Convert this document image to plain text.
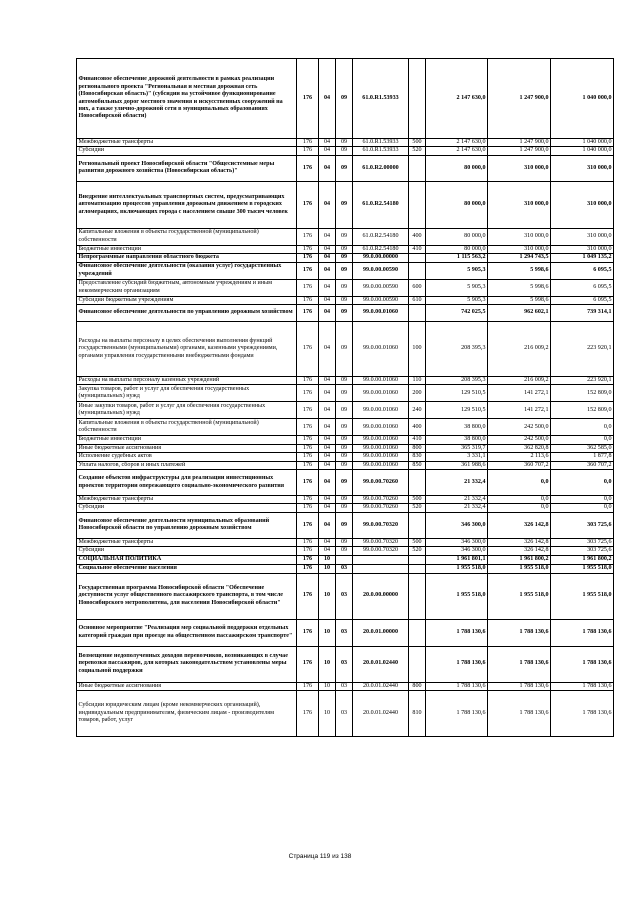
Финансовое обеспечение дорожной деятельности в рамках реализации регионального проекта "Региональная и местная дорожная сеть (Новосибирская область)" (субсидии на устойчивое функционирование автомобильных дорог местного значения и искусственных сооружений на них, а также улично-дорожной сети в муниципальных образованиях Новосибирской области)	176	04	09	61.0.R1.53933		2 147 630,0	1 247 900,0	1 040 000,0
Межбюджетные трансферты	176	04	09	61.0.R1.53933	500	2 147 630,0	1 247 900,0	1 040 000,0
Субсидии	176	04	09	61.0.R1.53933	520	2 147 630,0	1 247 900,0	1 040 000,0
Региональный проект Новосибирской области "Общесистемные меры развития дорожного хозяйства (Новосибирская область)"	176	04	09	61.0.R2.00000		80 000,0	310 000,0	310 000,0
Внедрение интеллектуальных транспортных систем, предусматривающих автоматизацию процессов управления дорожным движением в городских агломерациях, включающих города с населением свыше 300 тысяч человек	176	04	09	61.0.R2.54180		80 000,0	310 000,0	310 000,0
Капитальные вложения в объекты государственной (муниципальной) собственности	176	04	09	61.0.R2.54180	400	80 000,0	310 000,0	310 000,0
Бюджетные инвестиции	176	04	09	61.0.R2.54180	410	80 000,0	310 000,0	310 000,0
Непрограммные направления областного бюджета	176	04	09	99.0.00.00000		1 115 563,2	1 294 743,5	1 049 135,2
Финансовое обеспечение деятельности (оказания услуг) государственных учреждений	176	04	09	99.0.00.00590		5 905,3	5 998,6	6 095,5
Предоставление субсидий бюджетным, автономным учреждениям и иным некоммерческим организациям	176	04	09	99.0.00.00590	600	5 905,3	5 998,6	6 095,5
Субсидии бюджетным учреждениям	176	04	09	99.0.00.00590	610	5 905,3	5 998,6	6 095,5
Финансовое обеспечение деятельности по управлению дорожным хозяйством	176	04	09	99.0.00.01060		742 025,5	962 602,1	739 314,1
Расходы на выплаты персоналу в целях обеспечения выполнения функций государственными (муниципальными) органами, казенными учреждениями, органами управления государственными внебюджетными фондами	176	04	09	99.0.00.01060	100	208 395,3	216 009,2	223 920,1
Расходы на выплаты персоналу казенных учреждений	176	04	09	99.0.00.01060	110	208 395,3	216 009,2	223 920,1
Закупка товаров, работ и услуг для обеспечения государственных (муниципальных) нужд	176	04	09	99.0.00.01060	200	129 510,5	141 272,1	152 809,0
Иные закупки товаров, работ и услуг для обеспечения государственных (муниципальных) нужд	176	04	09	99.0.00.01060	240	129 510,5	141 272,1	152 809,0
Капитальные вложения в объекты государственной (муниципальной) собственности	176	04	09	99.0.00.01060	400	38 800,0	242 500,0	0,0
Бюджетные инвестиции	176	04	09	99.0.00.01060	410	38 800,0	242 500,0	0,0
Иные бюджетные ассигнования	176	04	09	99.0.00.01060	800	365 319,7	362 820,8	362 585,0
Исполнение судебных актов	176	04	09	99.0.00.01060	830	3 331,1	2 113,6	1 877,8
Уплата налогов, сборов и иных платежей	176	04	09	99.0.00.01060	850	361 988,6	360 707,2	360 707,2
Создание объектов инфраструктуры для реализации инвестиционных проектов территории опережающего социально-экономического развития	176	04	09	99.0.00.70260		21 332,4	0,0	0,0
Межбюджетные трансферты	176	04	09	99.0.00.70260	500	21 332,4	0,0	0,0
Субсидии	176	04	09	99.0.00.70260	520	21 332,4	0,0	0,0
Финансовое обеспечение деятельности муниципальных образований Новосибирской области по управлению дорожным хозяйством	176	04	09	99.0.00.70320		346 300,0	326 142,8	303 725,6
Межбюджетные трансферты	176	04	09	99.0.00.70320	500	346 300,0	326 142,8	303 725,6
Субсидии	176	04	09	99.0.00.70320	520	346 300,0	326 142,8	303 725,6
СОЦИАЛЬНАЯ ПОЛИТИКА	176	10				1 961 801,1	1 961 800,2	1 961 800,2
Социальное обеспечение населения	176	10	03			1 955 518,0	1 955 518,0	1 955 518,0
Государственная программа Новосибирской области "Обеспечение доступности услуг общественного пассажирского транспорта, в том числе Новосибирского метрополитена, для населения Новосибирской области"	176	10	03	20.0.00.00000		1 955 518,0	1 955 518,0	1 955 518,0
Основное мероприятие "Реализация мер социальной поддержки отдельных категорий граждан при проезде на общественном пассажирском транспорте"	176	10	03	20.0.01.00000		1 788 130,6	1 788 130,6	1 788 130,6
Возмещение недополученных доходов перевозчиков, возникающих в случае перевозки пассажиров, для которых законодательством установлены меры социальной поддержки	176	10	03	20.0.01.02440		1 788 130,6	1 788 130,6	1 788 130,6
Иные бюджетные ассигнования	176	10	03	20.0.01.02440	800	1 788 130,6	1 788 130,6	1 788 130,6
Субсидии юридическим лицам (кроме некоммерческих организаций), индивидуальным предпринимателям, физическим лицам - производителям товаров, работ, услуг	176	10	03	20.0.01.02440	810	1 788 130,6	1 788 130,6	1 788 130,6
Страница 119 из 138
